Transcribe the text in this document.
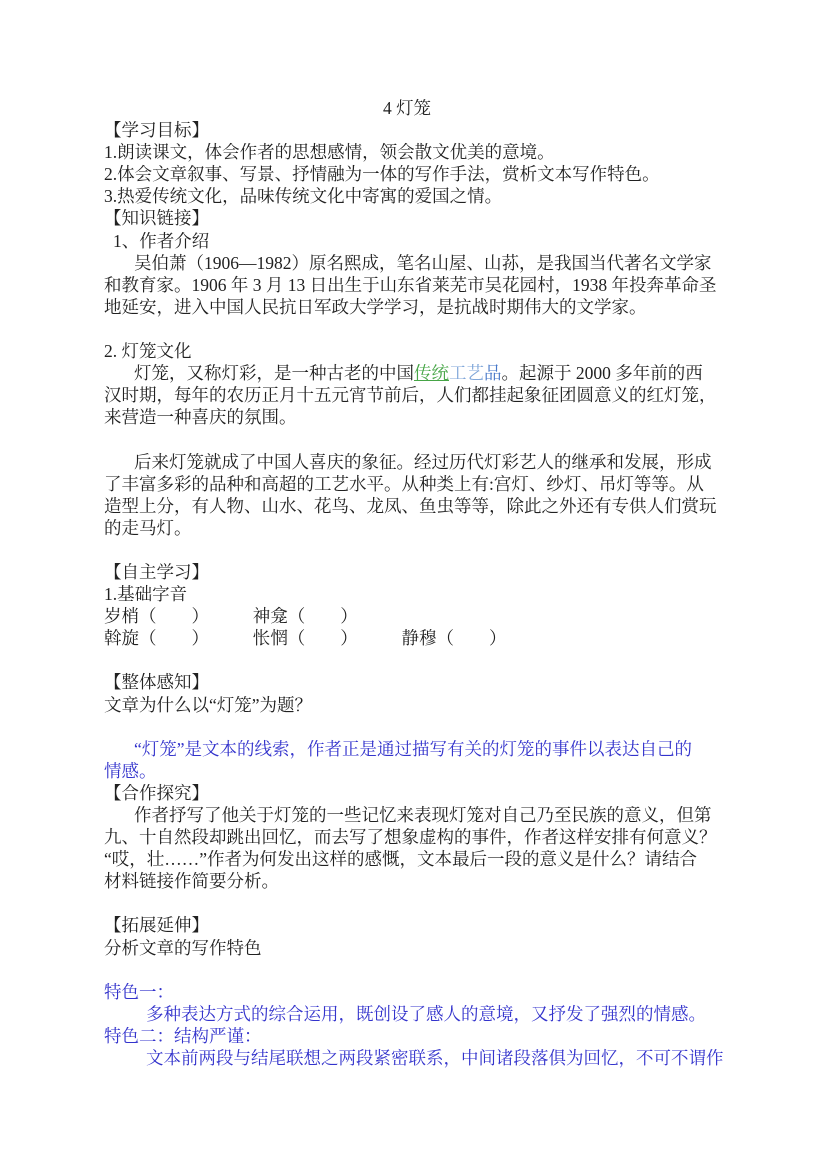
4 灯笼
【学习目标】
1.朗读课文，体会作者的思想感情，领会散文优美的意境。
2.体会文章叙事、写景、抒情融为一体的写作手法，赏析文本写作特色。
3.热爱传统文化，品味传统文化中寄寓的爱国之情。
【知识链接】
1、作者介绍
吴伯萧（1906—1982）原名熙成，笔名山屋、山荪，是我国当代著名文学家
和教育家。1906 年 3 月 13 日出生于山东省莱芜市吴花园村，1938 年投奔革命圣
地延安，进入中国人民抗日军政大学学习，是抗战时期伟大的文学家。

2. 灯笼文化
灯笼，又称灯彩，是一种古老的中国传统工艺品。起源于 2000 多年前的西
汉时期，每年的农历正月十五元宵节前后，人们都挂起象征团圆意义的红灯笼，
来营造一种喜庆的氛围。

后来灯笼就成了中国人喜庆的象征。经过历代灯彩艺人的继承和发展，形成
了丰富多彩的品种和高超的工艺水平。从种类上有:宫灯、纱灯、吊灯等等。从
造型上分，有人物、山水、花鸟、龙凤、鱼虫等等，除此之外还有专供人们赏玩
的走马灯。

【自主学习】
1.基础字音
岁梢（　　）　　　神龛（　　）
斡旋（　　）　　　怅惘（　　）　　　静穆（　　）

【整体感知】
文章为什么以“灯笼”为题？

“灯笼”是文本的线索，作者正是通过描写有关的灯笼的事件以表达自己的
情感。
【合作探究】
作者抒写了他关于灯笼的一些记忆来表现灯笼对自己乃至民族的意义，但第
九、十自然段却跳出回忆，而去写了想象虚构的事件，作者这样安排有何意义？
“哎，壮……”作者为何发出这样的感慨，文本最后一段的意义是什么？请结合
材料链接作简要分析。

【拓展延伸】
分析文章的写作特色

特色一：
多种表达方式的综合运用，既创设了感人的意境，又抒发了强烈的情感。
特色二：结构严谨：
文本前两段与结尾联想之两段紧密联系，中间诸段落俱为回忆，不可不谓作
